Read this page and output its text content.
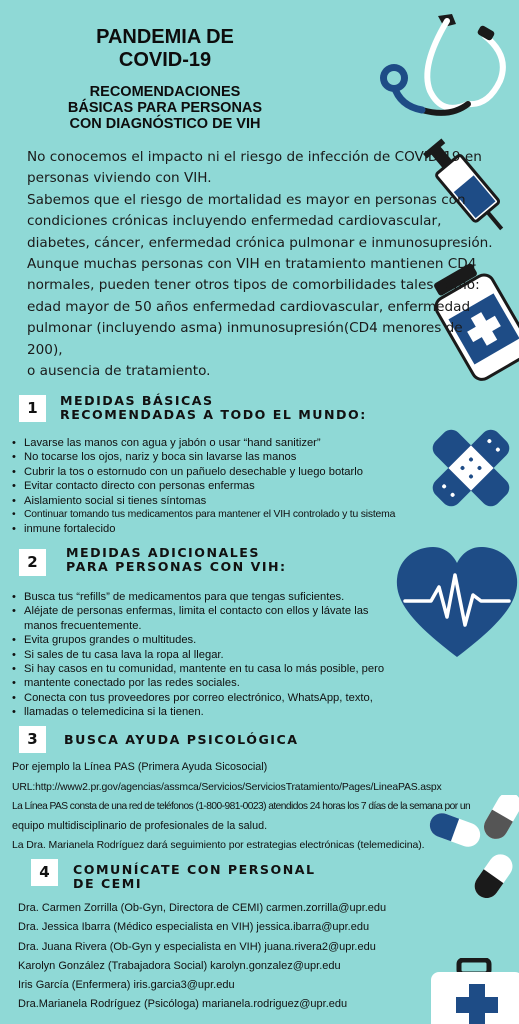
PANDEMIA DE
COVID-19
RECOMENDACIONES
BÁSICAS PARA PERSONAS
CON DIAGNÓSTICO DE VIH
No conocemos el impacto ni el riesgo de infección de COVID-19 en
personas viviendo con VIH.
Sabemos que el riesgo de mortalidad es mayor en personas con
condiciones crónicas incluyendo enfermedad cardiovascular,
diabetes, cáncer, enfermedad crónica pulmonar e inmunosupresión.
Aunque muchas personas con VIH en tratamiento mantienen CD4
normales, pueden tener otros tipos de comorbilidades tales como:
edad mayor de 50 años enfermedad cardiovascular, enfermedad
pulmonar (incluyendo asma) inmunosupresión(CD4 menores de 200),
o ausencia de tratamiento.
1	MEDIDAS BÁSICAS
RECOMENDADAS A TODO EL MUNDO:
• Lavarse las manos con agua y jabón o usar “hand sanitizer”
• No tocarse los ojos, nariz y boca sin lavarse las manos
• Cubrir la tos o estornudo con un pañuelo desechable y luego botarlo
• Evitar contacto directo con personas enfermas
• Aislamiento social si tienes síntomas
• Continuar tomando tus medicamentos para mantener el VIH controlado y tu sistema
• inmune fortalecido
2
MEDIDAS ADICIONALES
PARA PERSONAS CON VIH:
• Busca tus “refills” de medicamentos para que tengas suficientes.
• Aléjate de personas enfermas, limita el contacto con ellos y lávate las
manos frecuentemente.
• Evita grupos grandes o multitudes.
• Si sales de tu casa lava la ropa al llegar.
• Si hay casos en tu comunidad, mantente en tu casa lo más posible, pero
• mantente conectado por las redes sociales.
• Conecta con tus proveedores por correo electrónico, WhatsApp, texto,
• llamadas o telemedicina si la tienen.
3	BUSCA AYUDA PSICOLÓGICA
Por ejemplo la Línea PAS (Primera Ayuda Sicosocial)
URL:http://www2.pr.gov/agencias/assmca/Servicios/ServiciosTratamiento/Pages/LineaPAS.aspx
La Línea PAS consta de una red de teléfonos (1-800-981-0023) atendidos 24 horas los 7 días de la semana por un
equipo multidisciplinario de profesionales de la salud.
La Dra. Marianela Rodríguez dará seguimiento por estrategias electrónicas (telemedicina).
4	COMUNÍCATE CON PERSONAL
DE CEMI
Dra. Carmen Zorrilla (Ob-Gyn, Directora de CEMI) carmen.zorrilla@upr.edu
Dra. Jessica Ibarra (Médico especialista en VIH) jessica.ibarra@upr.edu
Dra. Juana Rivera (Ob-Gyn y especialista en VIH) juana.rivera2@upr.edu
Karolyn González (Trabajadora Social) karolyn.gonzalez@upr.edu
Iris García (Enfermera) iris.garcia3@upr.edu
Dra.Marianela Rodríguez (Psicóloga) marianela.rodriguez@upr.edu
